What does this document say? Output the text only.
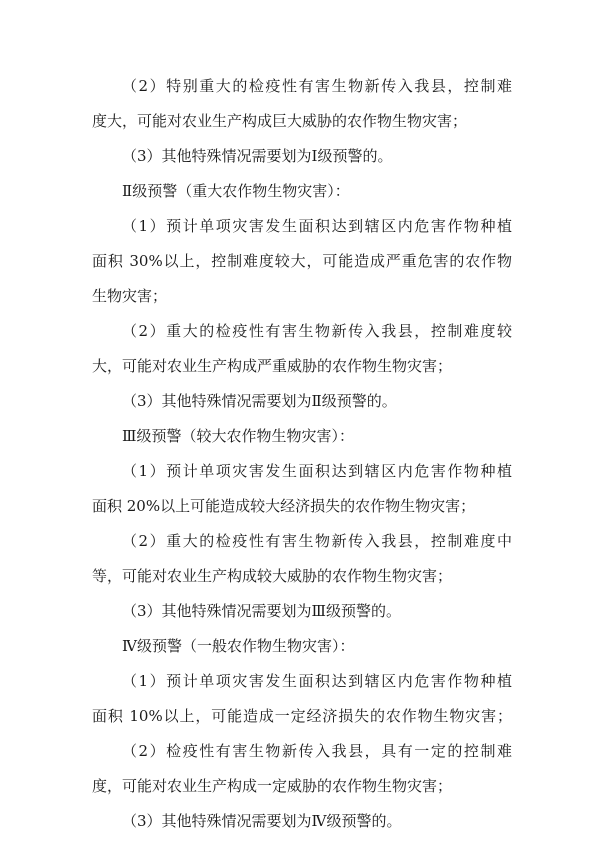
（2）特别重大的检疫性有害生物新传入我县，控制难
度大，可能对农业生产构成巨大威胁的农作物生物灾害；
（3）其他特殊情况需要划为Ⅰ级预警的。
Ⅱ级预警（重大农作物生物灾害）：
（1）预计单项灾害发生面积达到辖区内危害作物种植
面积 30%以上，控制难度较大，可能造成严重危害的农作物
生物灾害；
（2）重大的检疫性有害生物新传入我县，控制难度较
大，可能对农业生产构成严重威胁的农作物生物灾害；
（3）其他特殊情况需要划为Ⅱ级预警的。
Ⅲ级预警（较大农作物生物灾害）：
（1）预计单项灾害发生面积达到辖区内危害作物种植
面积 20%以上可能造成较大经济损失的农作物生物灾害；
（2）重大的检疫性有害生物新传入我县，控制难度中
等，可能对农业生产构成较大威胁的农作物生物灾害；
（3）其他特殊情况需要划为Ⅲ级预警的。
Ⅳ级预警（一般农作物生物灾害）：
（1）预计单项灾害发生面积达到辖区内危害作物种植
面积 10%以上，可能造成一定经济损失的农作物生物灾害；
（2）检疫性有害生物新传入我县，具有一定的控制难
度，可能对农业生产构成一定威胁的农作物生物灾害；
（3）其他特殊情况需要划为Ⅳ级预警的。
